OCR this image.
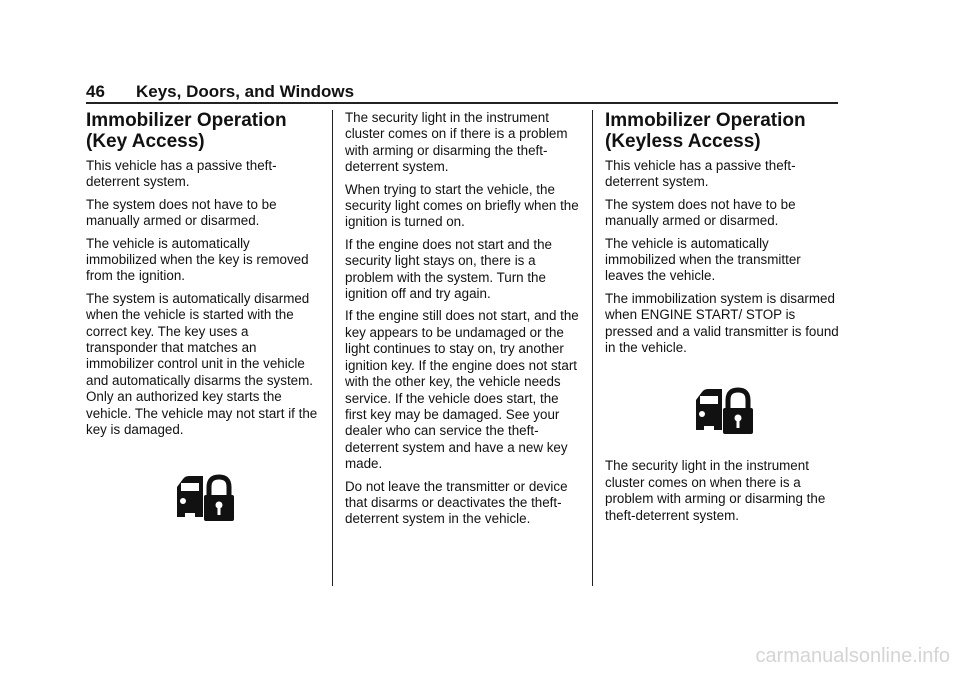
46 Keys, Doors, and Windows
Immobilizer Operation
(Key Access)

This vehicle has a passive theft-deterrent system.

The system does not have to be manually armed or disarmed.

The vehicle is automatically immobilized when the key is removed from the ignition.

The system is automatically disarmed when the vehicle is started with the correct key. The key uses a transponder that matches an immobilizer control unit in the vehicle and automatically disarms the system. Only an authorized key starts the vehicle. The vehicle may not start if the key is damaged.

The security light in the instrument cluster comes on if there is a problem with arming or disarming the theft-deterrent system.

When trying to start the vehicle, the security light comes on briefly when the ignition is turned on.

If the engine does not start and the security light stays on, there is a problem with the system. Turn the ignition off and try again.

If the engine still does not start, and the key appears to be undamaged or the light continues to stay on, try another ignition key. If the engine does not start with the other key, the vehicle needs service. If the vehicle does start, the first key may be damaged. See your dealer who can service the theft-deterrent system and have a new key made.

Do not leave the transmitter or device that disarms or deactivates the theft-deterrent system in the vehicle.

Immobilizer Operation
(Keyless Access)

This vehicle has a passive theft-deterrent system.

The system does not have to be manually armed or disarmed.

The vehicle is automatically immobilized when the transmitter leaves the vehicle.

The immobilization system is disarmed when ENGINE START/ STOP is pressed and a valid transmitter is found in the vehicle.

The security light in the instrument cluster comes on when there is a problem with arming or disarming the theft-deterrent system.

carmanualsonline.info
